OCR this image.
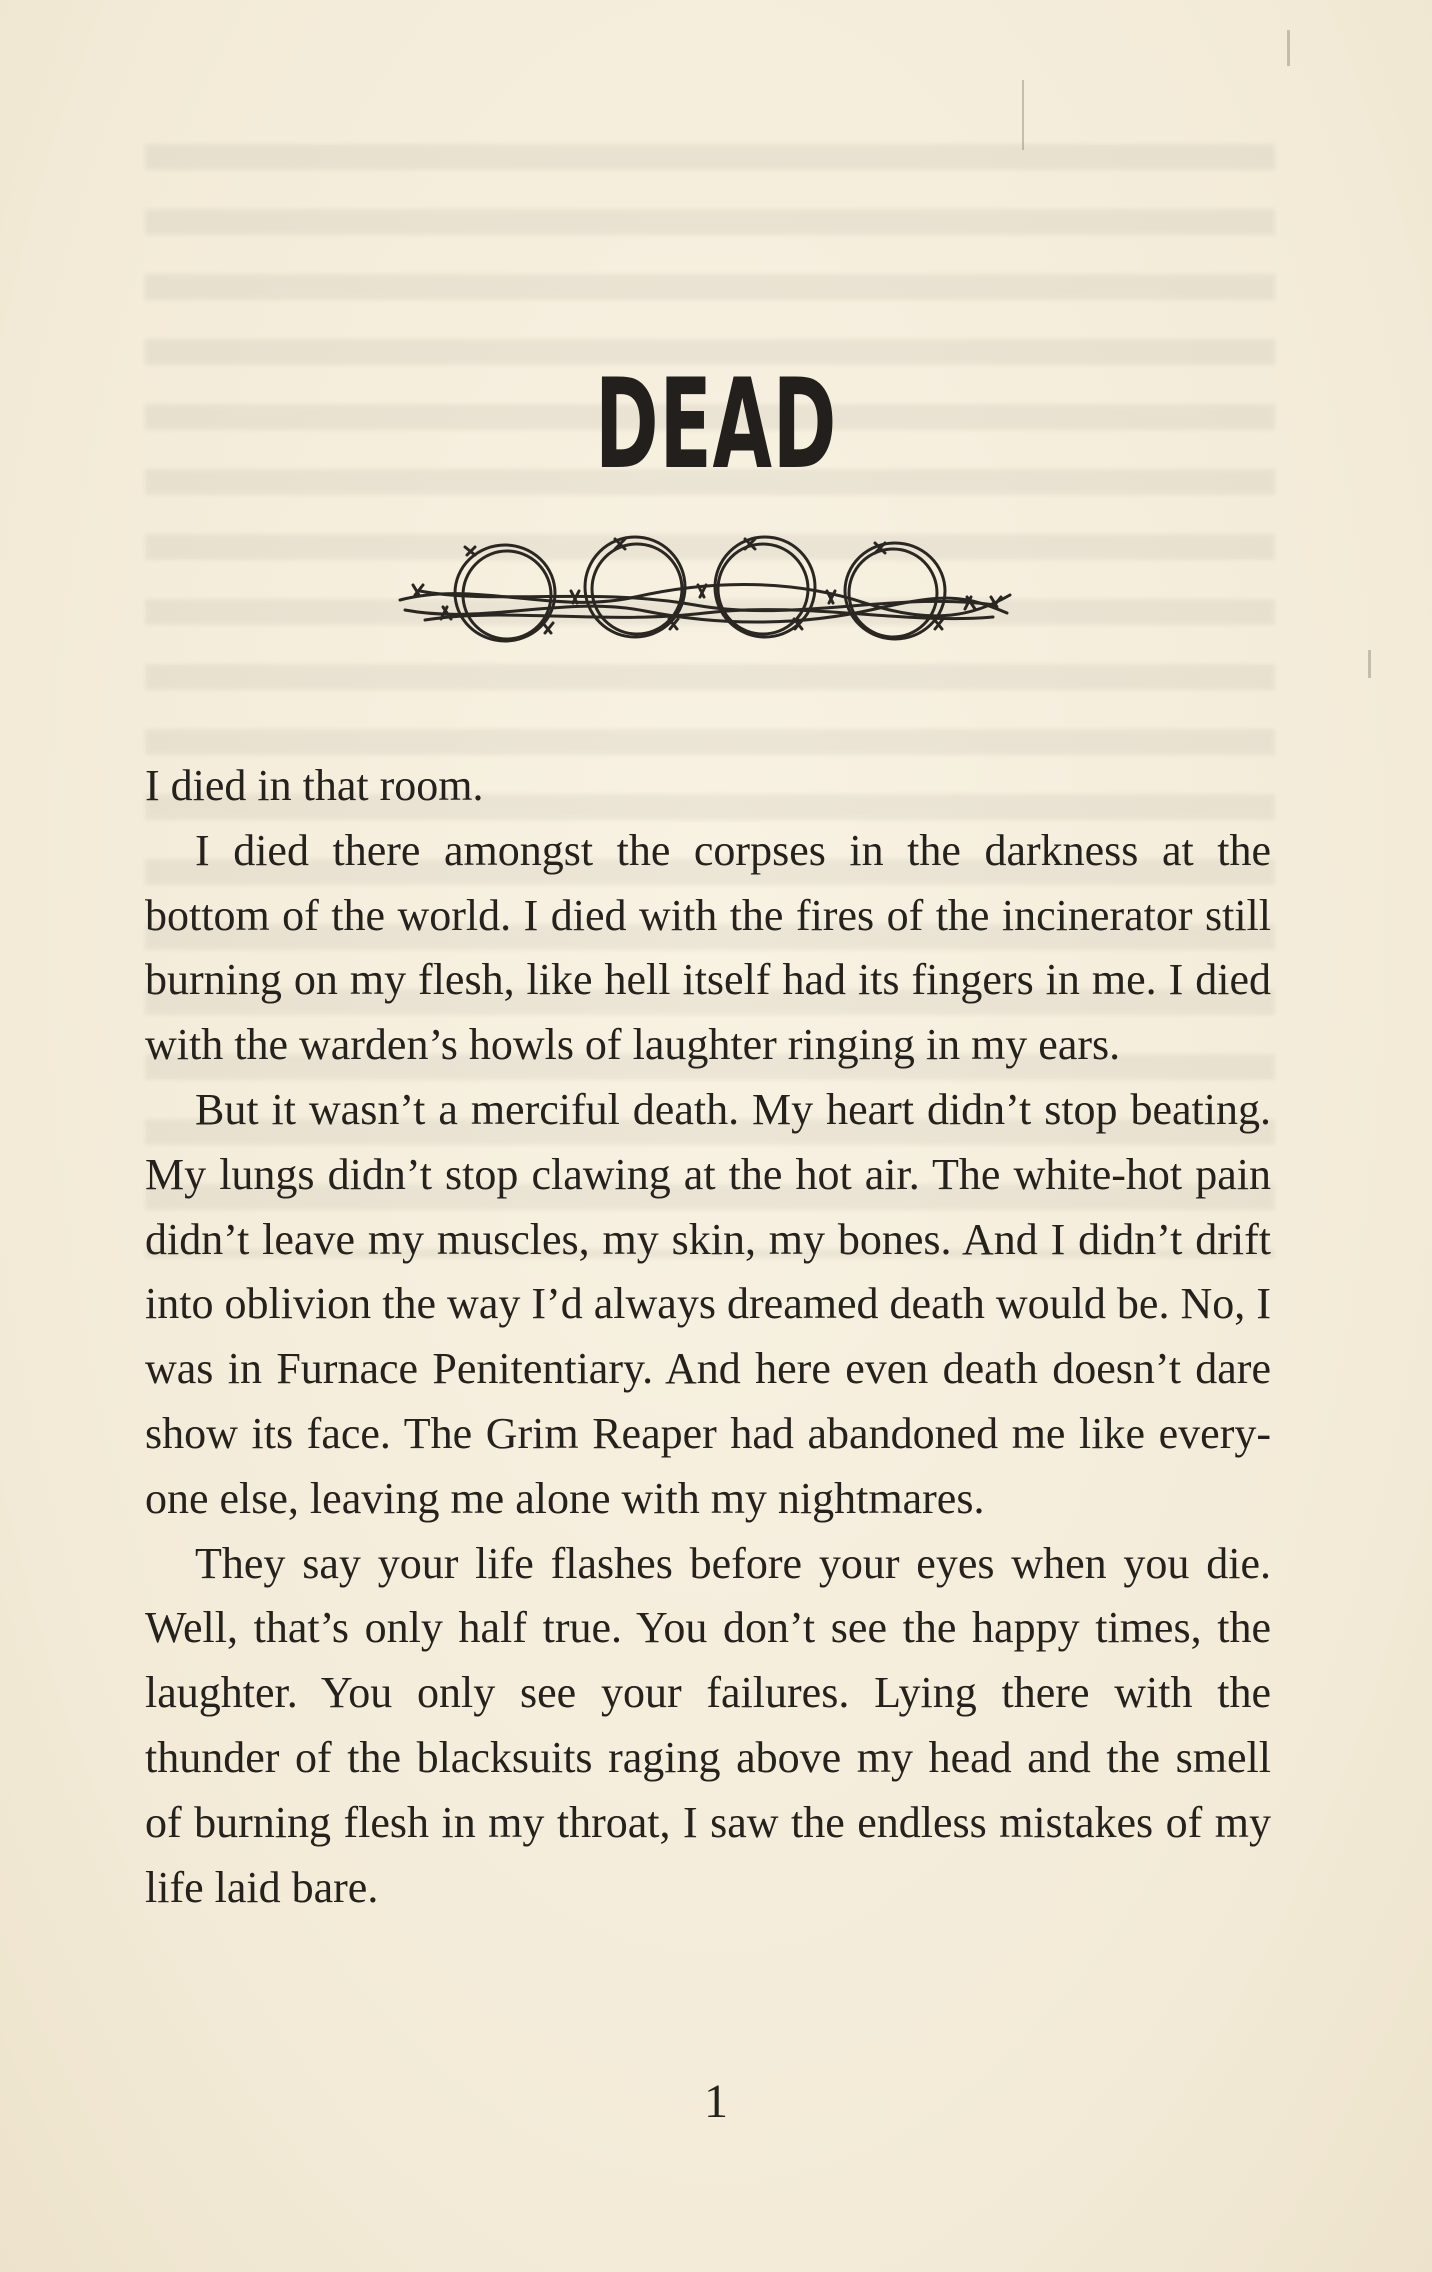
DEAD

I died in that room.

I died there amongst the corpses in the darkness at the bottom of the world. I died with the fires of the incinerator still burning on my flesh, like hell itself had its fingers in me. I died with the warden’s howls of laughter ringing in my ears.

But it wasn’t a merciful death. My heart didn’t stop beating. My lungs didn’t stop clawing at the hot air. The white-hot pain didn’t leave my muscles, my skin, my bones. And I didn’t drift into oblivion the way I’d always dreamed death would be. No, I was in Furnace Penitentiary. And here even death doesn’t dare show its face. The Grim Reaper had abandoned me like every-one else, leaving me alone with my nightmares.

They say your life flashes before your eyes when you die. Well, that’s only half true. You don’t see the happy times, the laughter. You only see your failures. Lying there with the thunder of the blacksuits raging above my head and the smell of burning flesh in my throat, I saw the endless mistakes of my life laid bare.

1
